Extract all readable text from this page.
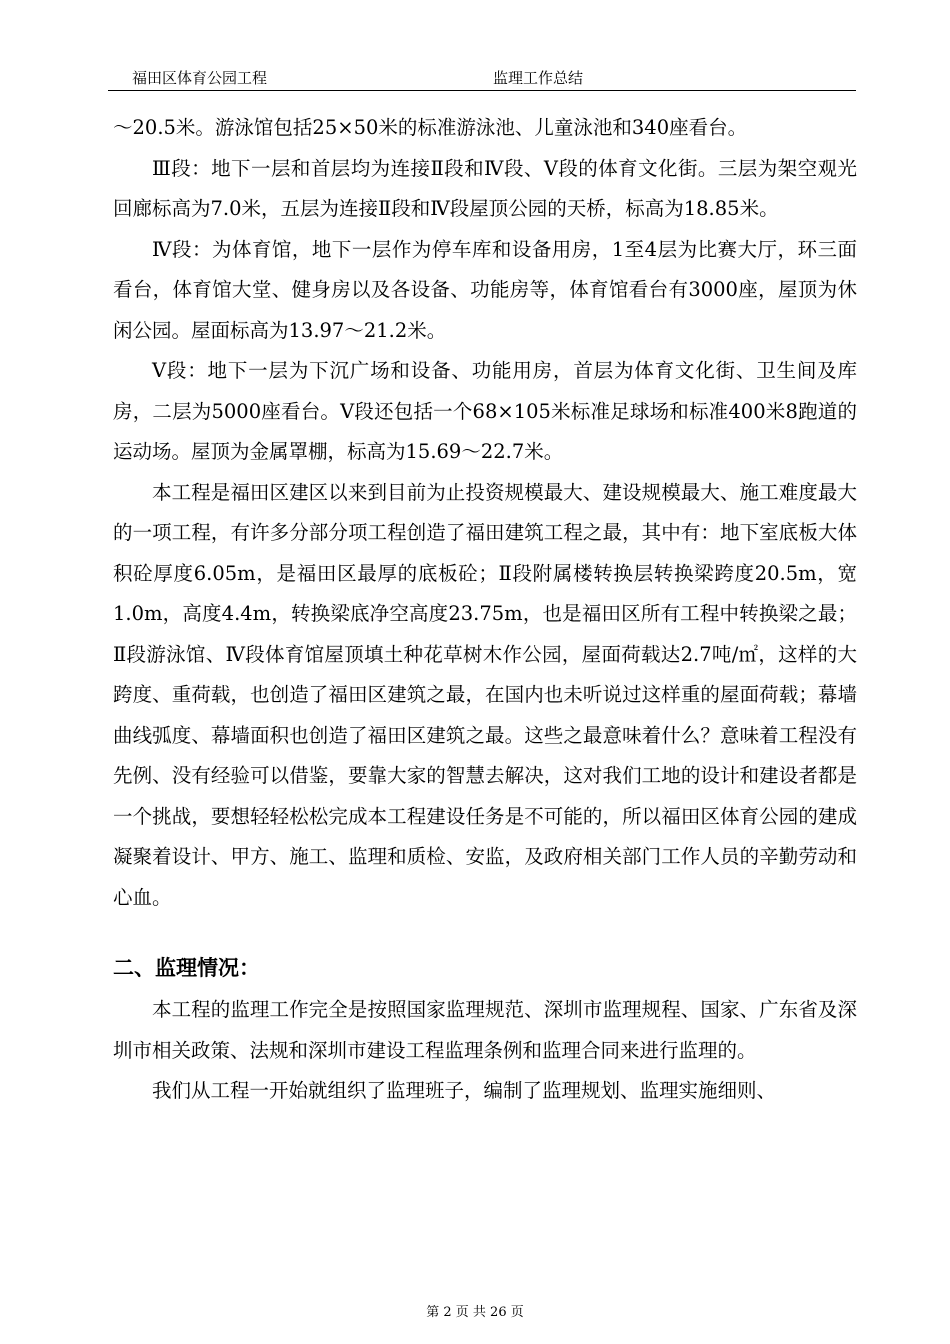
福田区体育公园工程	监理工作总结

～20.5米。游泳馆包括25×50米的标准游泳池、儿童泳池和340座看台。

Ⅲ段：地下一层和首层均为连接Ⅱ段和Ⅳ段、Ⅴ段的体育文化街。三层为架空观光回廊标高为7.0米，五层为连接Ⅱ段和Ⅳ段屋顶公园的天桥，标高为18.85米。

Ⅳ段：为体育馆，地下一层作为停车库和设备用房，1至4层为比赛大厅，环三面看台，体育馆大堂、健身房以及各设备、功能房等，体育馆看台有3000座，屋顶为休闲公园。屋面标高为13.97～21.2米。

Ⅴ段：地下一层为下沉广场和设备、功能用房，首层为体育文化街、卫生间及库房，二层为5000座看台。Ⅴ段还包括一个68×105米标准足球场和标准400米8跑道的运动场。屋顶为金属罩棚，标高为15.69～22.7米。

本工程是福田区建区以来到目前为止投资规模最大、建设规模最大、施工难度最大的一项工程，有许多分部分项工程创造了福田建筑工程之最，其中有：地下室底板大体积砼厚度6.05m，是福田区最厚的底板砼；Ⅱ段附属楼转换层转换梁跨度20.5m，宽1.0m，高度4.4m，转换梁底净空高度23.75m，也是福田区所有工程中转换梁之最；Ⅱ段游泳馆、Ⅳ段体育馆屋顶填土种花草树木作公园，屋面荷载达2.7吨/㎡，这样的大跨度、重荷载，也创造了福田区建筑之最，在国内也未听说过这样重的屋面荷载；幕墙曲线弧度、幕墙面积也创造了福田区建筑之最。这些之最意味着什么？意味着工程没有先例、没有经验可以借鉴，要靠大家的智慧去解决，这对我们工地的设计和建设者都是一个挑战，要想轻轻松松完成本工程建设任务是不可能的，所以福田区体育公园的建成凝聚着设计、甲方、施工、监理和质检、安监，及政府相关部门工作人员的辛勤劳动和心血。

二、监理情况：

本工程的监理工作完全是按照国家监理规范、深圳市监理规程、国家、广东省及深圳市相关政策、法规和深圳市建设工程监理条例和监理合同来进行监理的。

我们从工程一开始就组织了监理班子，编制了监理规划、监理实施细则、

第 2 页 共 26 页
